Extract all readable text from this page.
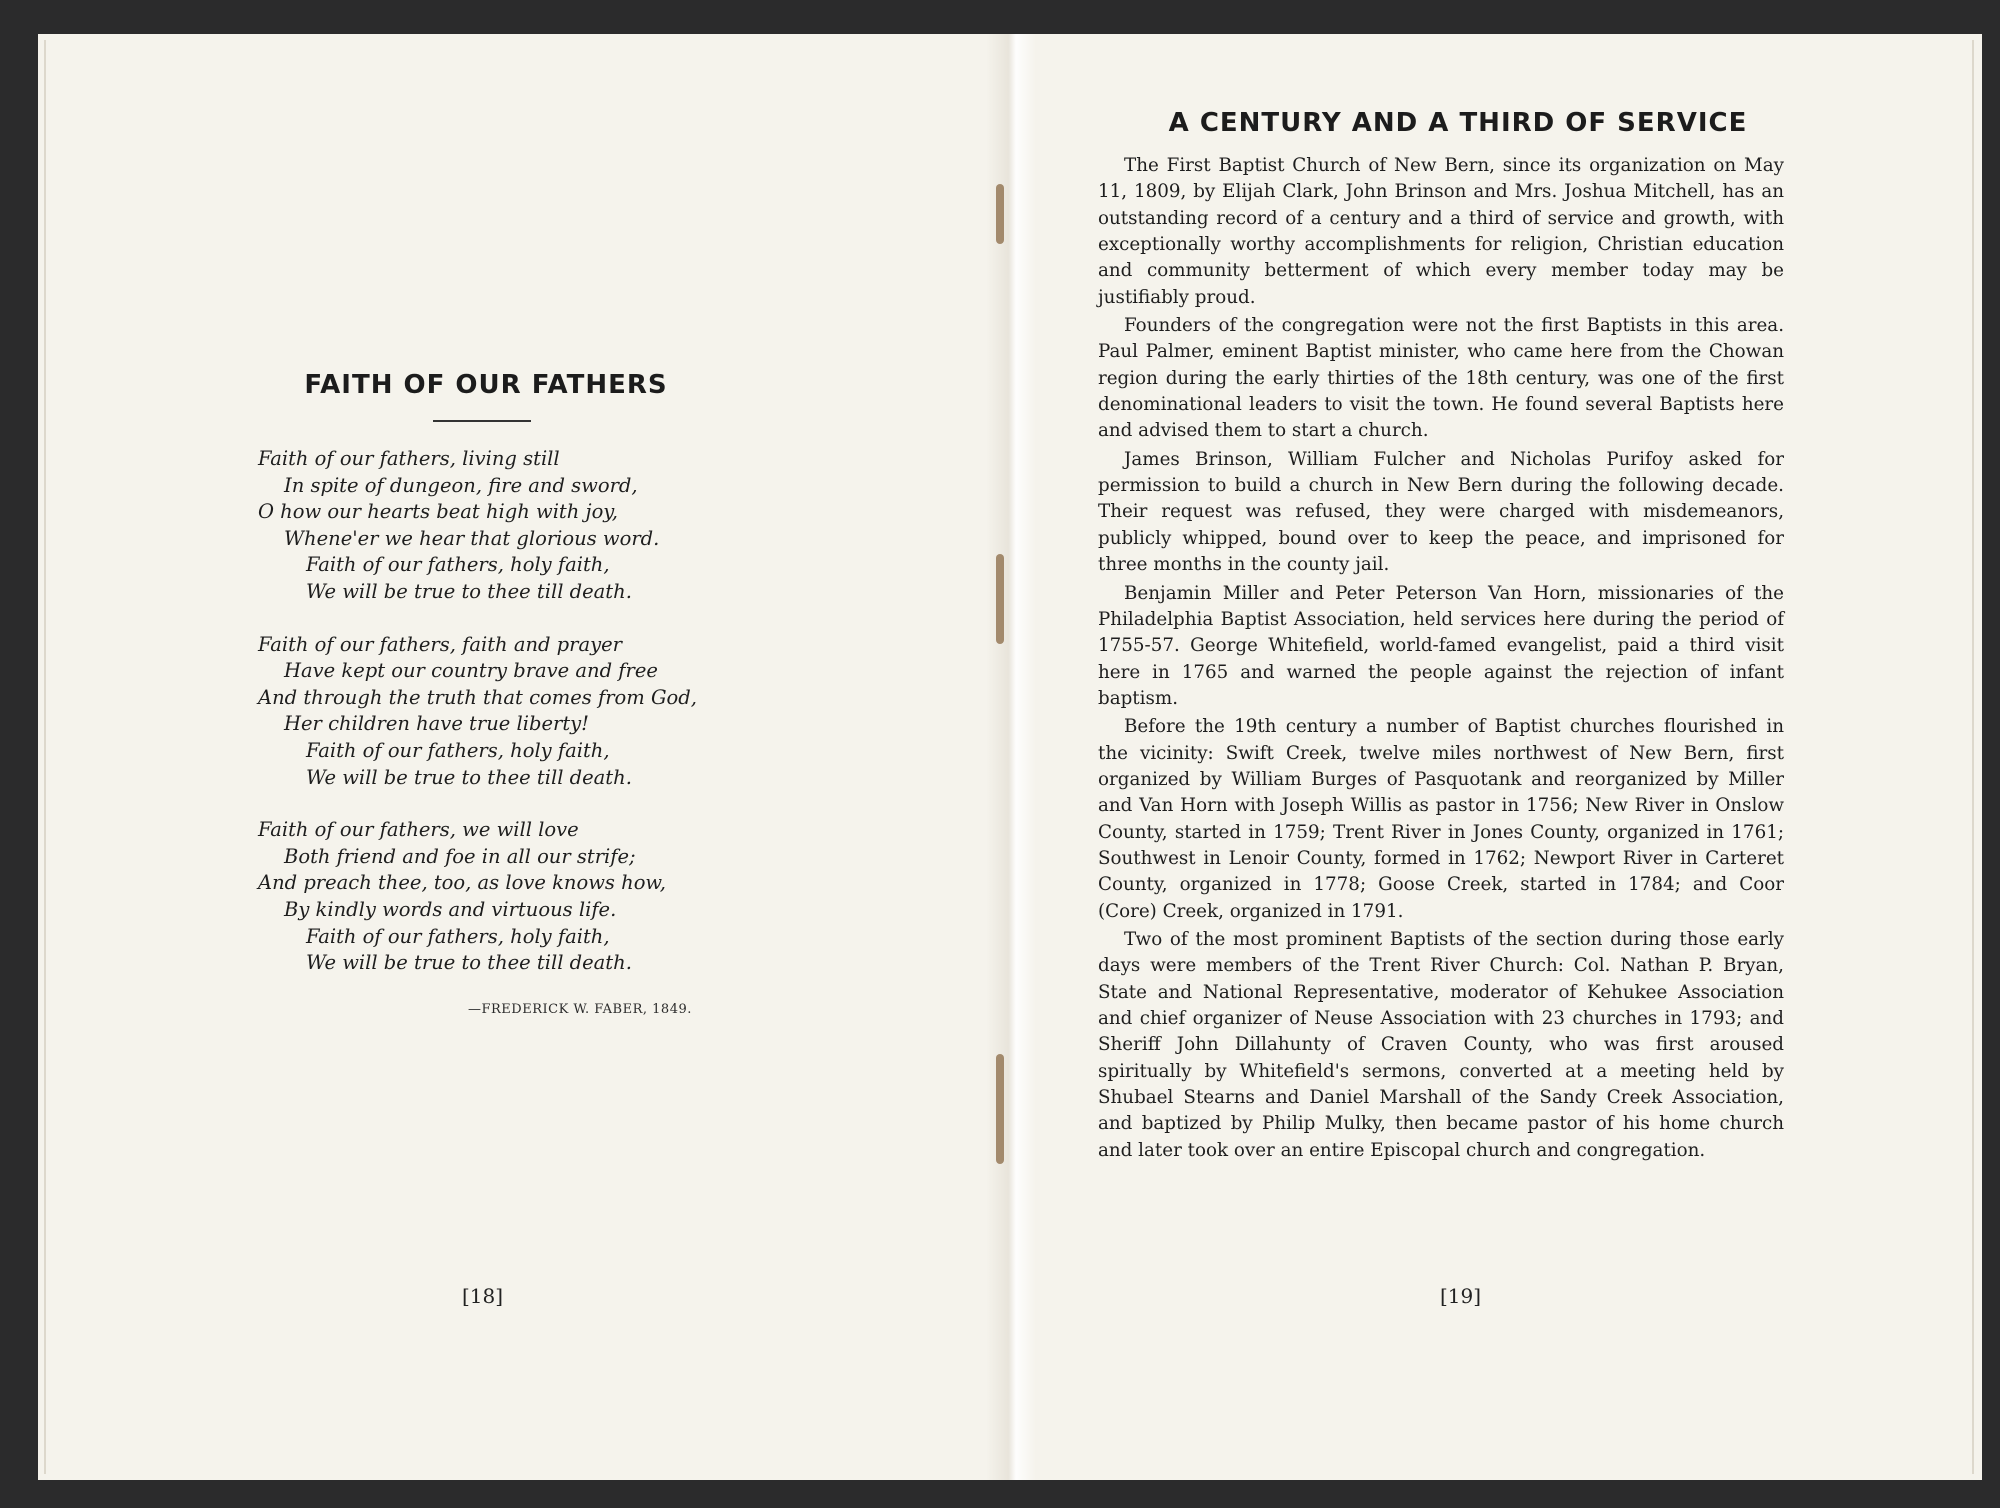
FAITH OF OUR FATHERS
Faith of our fathers, living still
In spite of dungeon, fire and sword,
O how our hearts beat high with joy,
Whene'er we hear that glorious word.
Faith of our fathers, holy faith,
We will be true to thee till death.
Faith of our fathers, faith and prayer
Have kept our country brave and free
And through the truth that comes from God,
Her children have true liberty!
Faith of our fathers, holy faith,
We will be true to thee till death.
Faith of our fathers, we will love
Both friend and foe in all our strife;
And preach thee, too, as love knows how,
By kindly words and virtuous life.
Faith of our fathers, holy faith,
We will be true to thee till death.
—FREDERICK W. FABER, 1849.
[18]
A CENTURY AND A THIRD OF SERVICE

The First Baptist Church of New Bern, since its organization on May 11, 1809, by Elijah Clark, John Brinson and Mrs. Joshua Mitchell, has an outstanding record of a century and a third of service and growth, with exceptionally worthy accomplishments for religion, Christian education and community betterment of which every member today may be justifiably proud.

Founders of the congregation were not the first Baptists in this area. Paul Palmer, eminent Baptist minister, who came here from the Chowan region during the early thirties of the 18th century, was one of the first denominational leaders to visit the town. He found several Baptists here and advised them to start a church.

James Brinson, William Fulcher and Nicholas Purifoy asked for permission to build a church in New Bern during the following decade. Their request was refused, they were charged with misdemeanors, publicly whipped, bound over to keep the peace, and imprisoned for three months in the county jail.

Benjamin Miller and Peter Peterson Van Horn, missionaries of the Philadelphia Baptist Association, held services here during the period of 1755-57. George Whitefield, world-famed evangelist, paid a third visit here in 1765 and warned the people against the rejection of infant baptism.

Before the 19th century a number of Baptist churches flourished in the vicinity: Swift Creek, twelve miles northwest of New Bern, first organized by William Burges of Pasquotank and reorganized by Miller and Van Horn with Joseph Willis as pastor in 1756; New River in Onslow County, started in 1759; Trent River in Jones County, organized in 1761; Southwest in Lenoir County, formed in 1762; Newport River in Carteret County, organized in 1778; Goose Creek, started in 1784; and Coor (Core) Creek, organized in 1791.

Two of the most prominent Baptists of the section during those early days were members of the Trent River Church: Col. Nathan P. Bryan, State and National Representative, moderator of Kehukee Association and chief organizer of Neuse Association with 23 churches in 1793; and Sheriff John Dillahunty of Craven County, who was first aroused spiritually by Whitefield's sermons, converted at a meeting held by Shubael Stearns and Daniel Marshall of the Sandy Creek Association, and baptized by Philip Mulky, then became pastor of his home church and later took over an entire Episcopal church and congregation.

[19]
